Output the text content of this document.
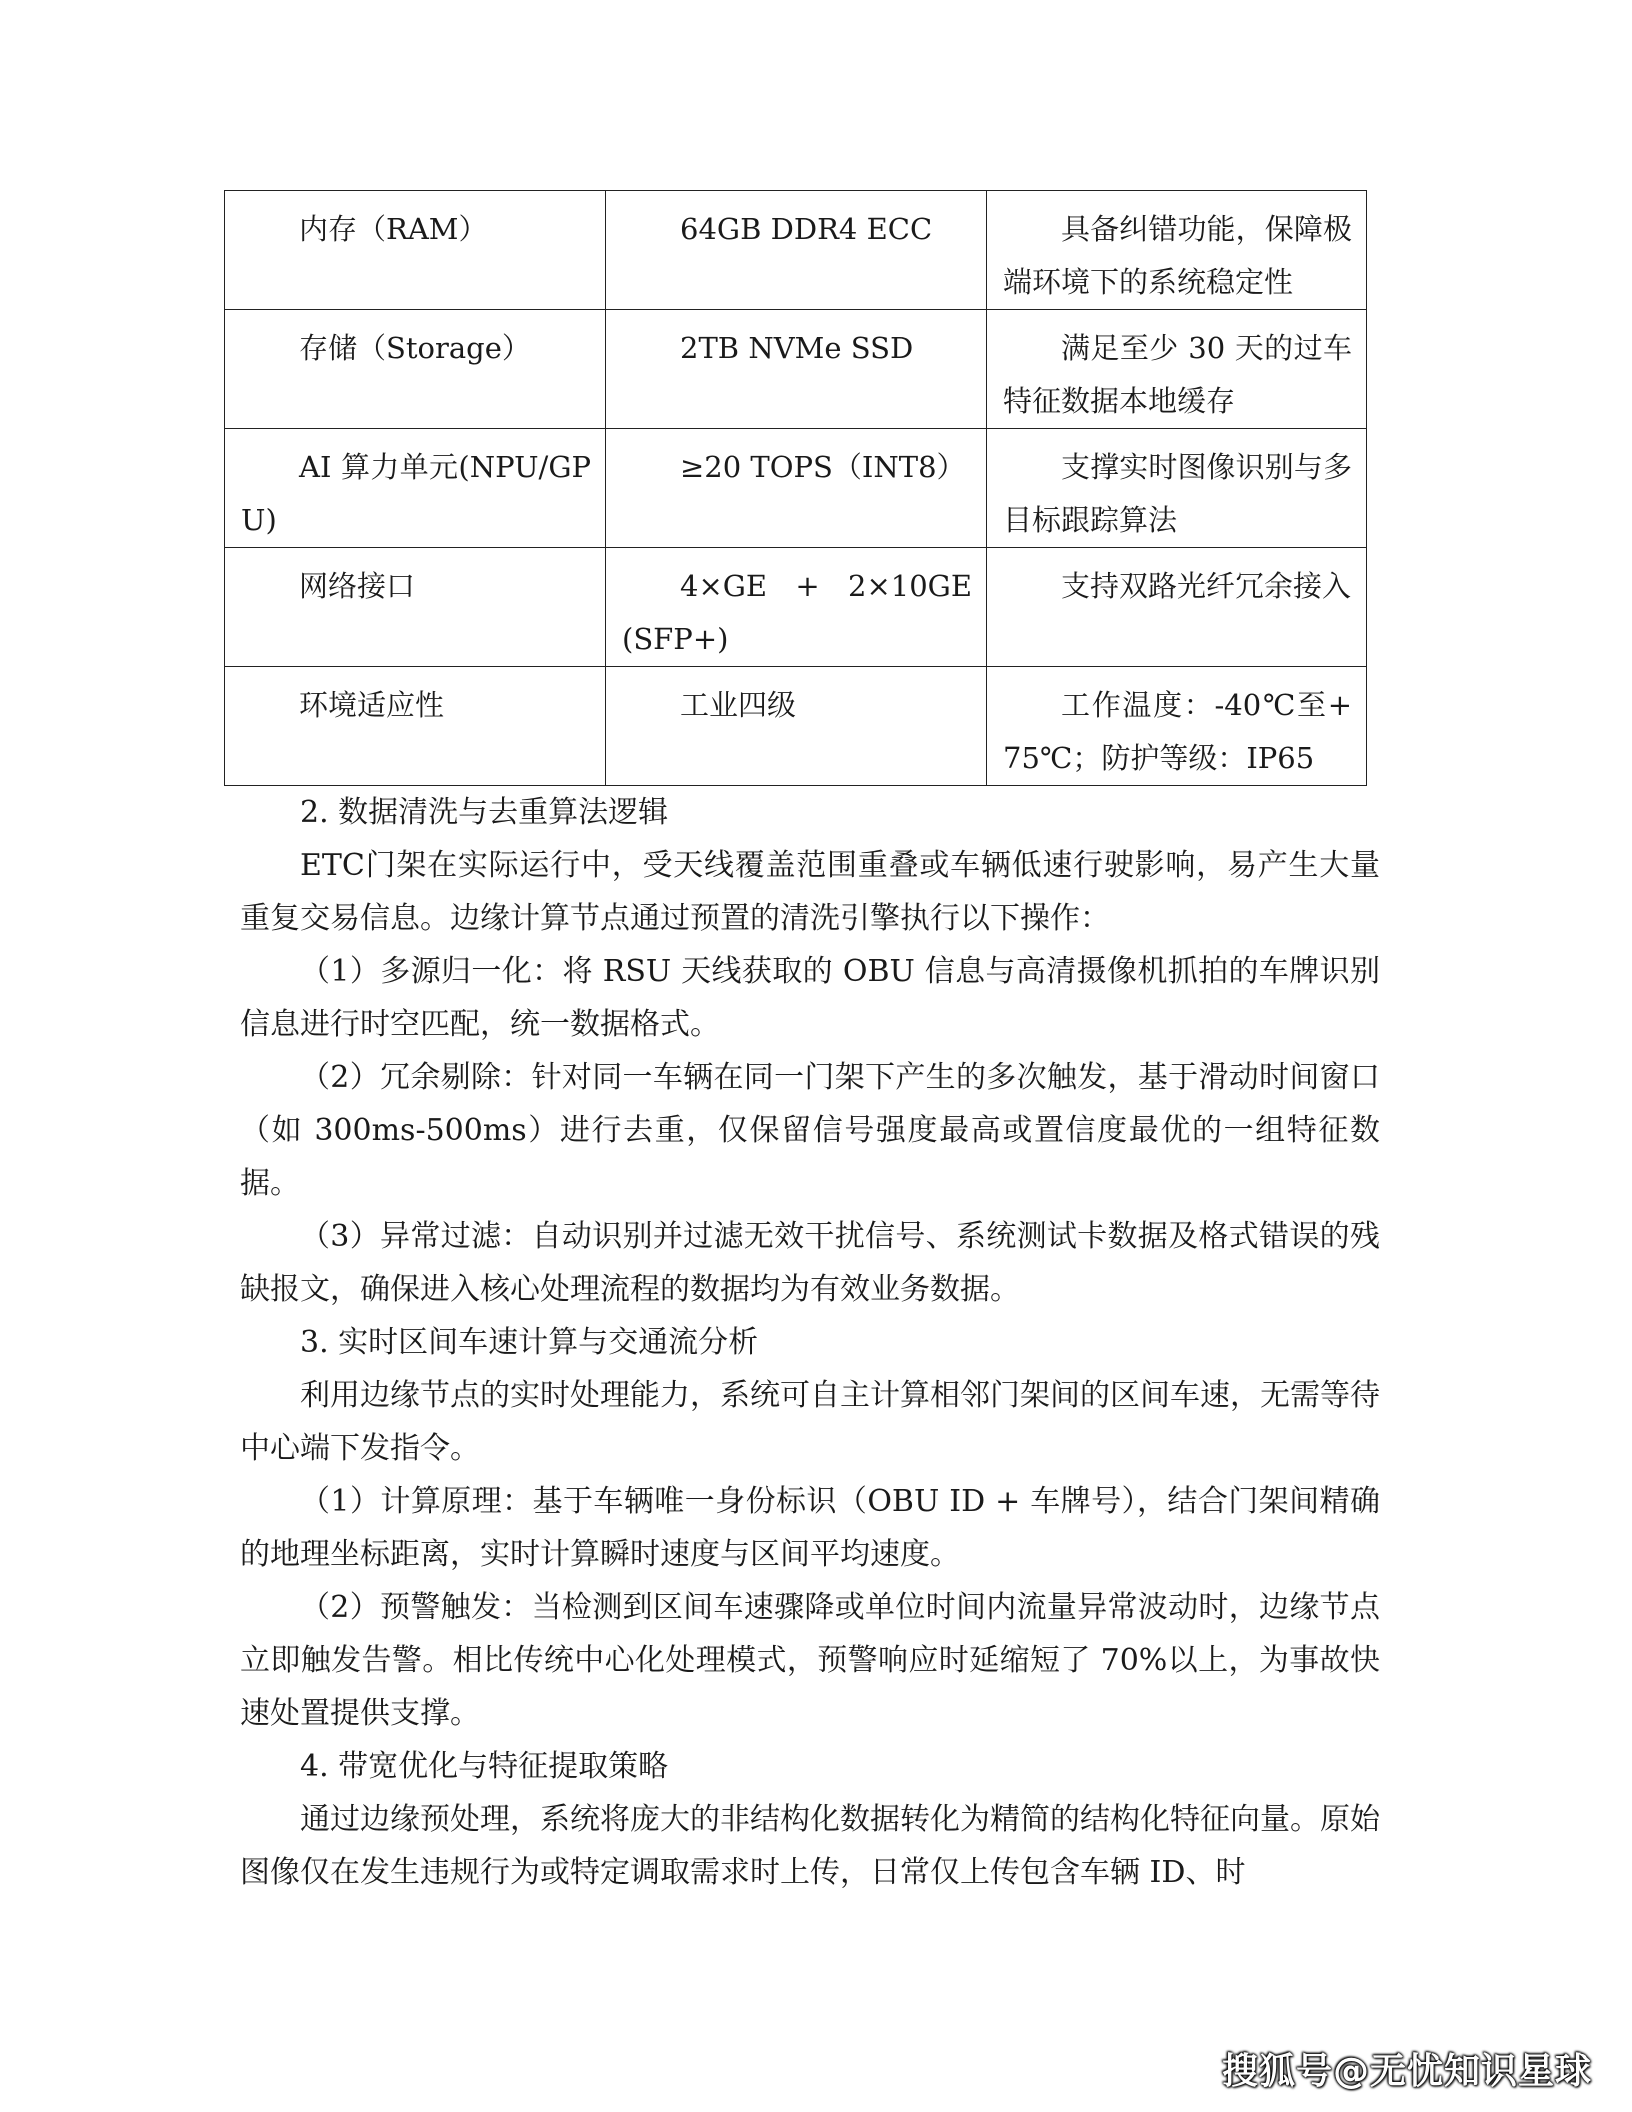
内存（RAM）	64GB DDR4 ECC	具备纠错功能，保障极端环境下的系统稳定性
存储（Storage）	2TB NVMe SSD	满足至少 30 天的过车特征数据本地缓存
AI 算力单元(NPU/GPU)	≥20 TOPS（INT8）	支撑实时图像识别与多目标跟踪算法
网络接口	4×GE + 2×10GE (SFP+)	支持双路光纤冗余接入
环境适应性	工业四级	工作温度：-40℃至+75℃；防护等级：IP65

2. 数据清洗与去重算法逻辑

ETC门架在实际运行中，受天线覆盖范围重叠或车辆低速行驶影响，易产生大量重复交易信息。边缘计算节点通过预置的清洗引擎执行以下操作：

（1）多源归一化：将 RSU 天线获取的 OBU 信息与高清摄像机抓拍的车牌识别信息进行时空匹配，统一数据格式。

（2）冗余剔除：针对同一车辆在同一门架下产生的多次触发，基于滑动时间窗口（如 300ms-500ms）进行去重，仅保留信号强度最高或置信度最优的一组特征数据。

（3）异常过滤：自动识别并过滤无效干扰信号、系统测试卡数据及格式错误的残缺报文，确保进入核心处理流程的数据均为有效业务数据。

3. 实时区间车速计算与交通流分析

利用边缘节点的实时处理能力，系统可自主计算相邻门架间的区间车速，无需等待中心端下发指令。

（1）计算原理：基于车辆唯一身份标识（OBU ID + 车牌号），结合门架间精确的地理坐标距离，实时计算瞬时速度与区间平均速度。

（2）预警触发：当检测到区间车速骤降或单位时间内流量异常波动时，边缘节点立即触发告警。相比传统中心化处理模式，预警响应时延缩短了 70%以上，为事故快速处置提供支撑。

4. 带宽优化与特征提取策略

通过边缘预处理，系统将庞大的非结构化数据转化为精简的结构化特征向量。原始图像仅在发生违规行为或特定调取需求时上传，日常仅上传包含车辆 ID、时

搜狐号@无忧知识星球
